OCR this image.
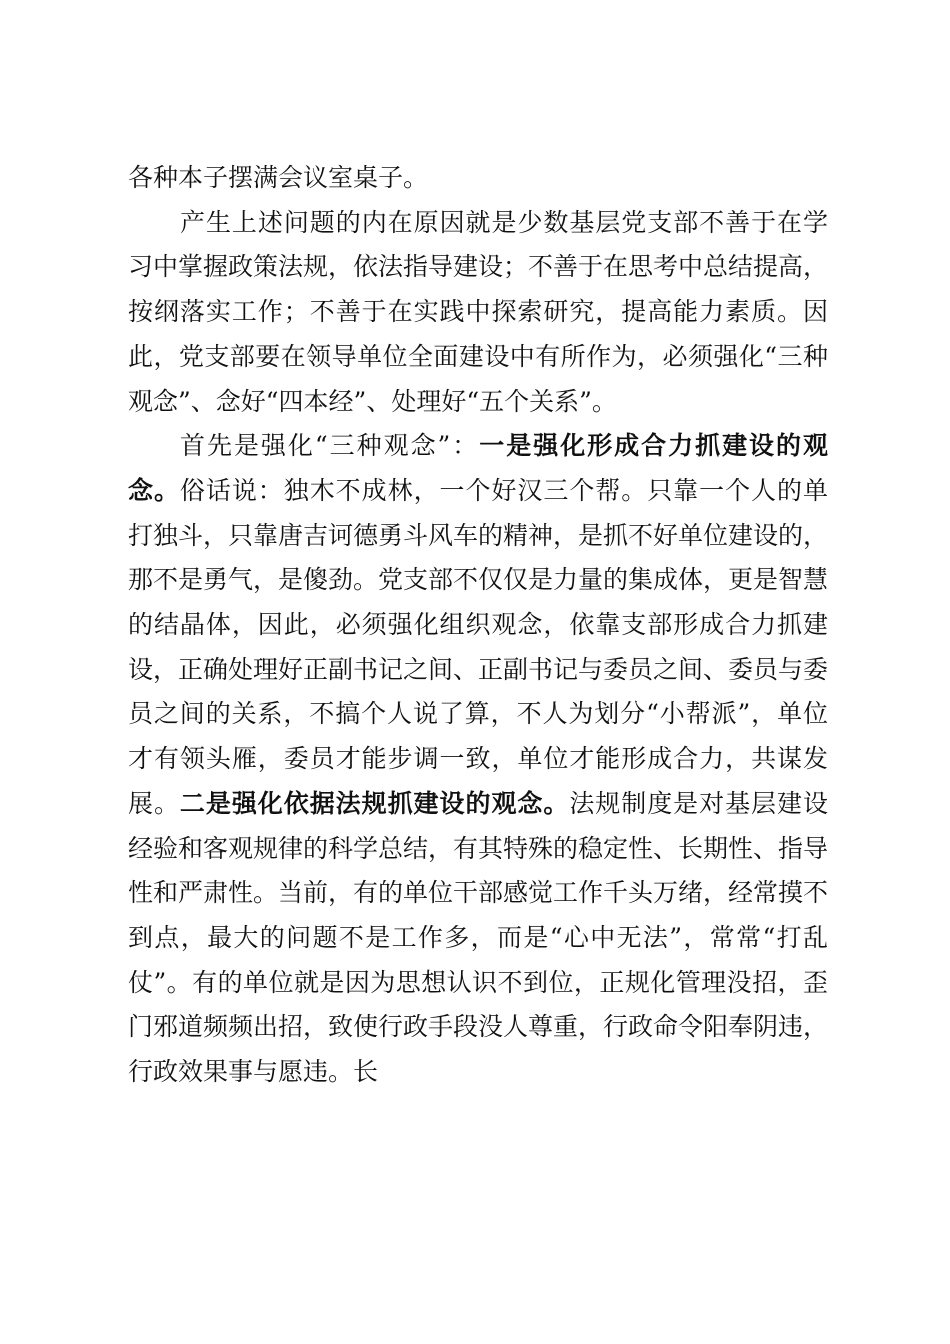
各种本子摆满会议室桌子。

产生上述问题的内在原因就是少数基层党支部不善于在学习中掌握政策法规，依法指导建设；不善于在思考中总结提高，按纲落实工作；不善于在实践中探索研究，提高能力素质。因此，党支部要在领导单位全面建设中有所作为，必须强化“三种观念”、念好“四本经”、处理好“五个关系”。

首先是强化“三种观念”：一是强化形成合力抓建设的观念。俗话说：独木不成林，一个好汉三个帮。只靠一个人的单打独斗，只靠唐吉诃德勇斗风车的精神，是抓不好单位建设的，那不是勇气，是傻劲。党支部不仅仅是力量的集成体，更是智慧的结晶体，因此，必须强化组织观念，依靠支部形成合力抓建设，正确处理好正副书记之间、正副书记与委员之间、委员与委员之间的关系，不搞个人说了算，不人为划分“小帮派”，单位才有领头雁，委员才能步调一致，单位才能形成合力，共谋发展。二是强化依据法规抓建设的观念。法规制度是对基层建设经验和客观规律的科学总结，有其特殊的稳定性、长期性、指导性和严肃性。当前，有的单位干部感觉工作千头万绪，经常摸不到点，最大的问题不是工作多，而是“心中无法”，常常“打乱仗”。有的单位就是因为思想认识不到位，正规化管理没招，歪门邪道频频出招，致使行政手段没人尊重，行政命令阳奉阴违，行政效果事与愿违。长
